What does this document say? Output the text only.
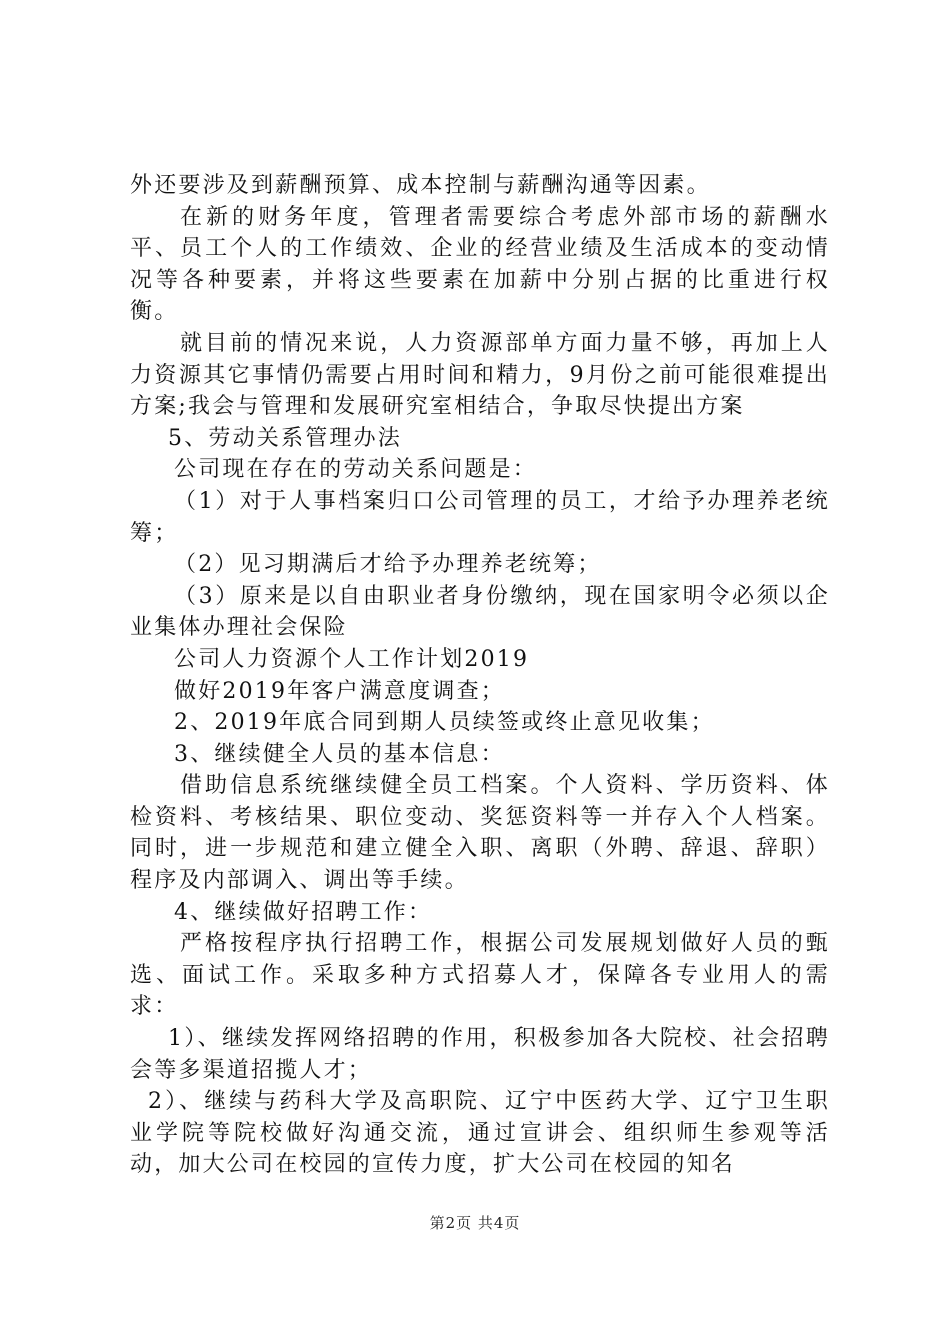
外还要涉及到薪酬预算、成本控制与薪酬沟通等因素。

在新的财务年度，管理者需要综合考虑外部市场的薪酬水平、员工个人的工作绩效、企业的经营业绩及生活成本的变动情况等各种要素，并将这些要素在加薪中分别占据的比重进行权衡。

就目前的情况来说，人力资源部单方面力量不够，再加上人力资源其它事情仍需要占用时间和精力，9月份之前可能很难提出方案;我会与管理和发展研究室相结合，争取尽快提出方案

5、劳动关系管理办法

公司现在存在的劳动关系问题是：

（1）对于人事档案归口公司管理的员工，才给予办理养老统筹；

（2）见习期满后才给予办理养老统筹；

（3）原来是以自由职业者身份缴纳，现在国家明令必须以企业集体办理社会保险

公司人力资源个人工作计划2019

做好2019年客户满意度调查；

2、2019年底合同到期人员续签或终止意见收集；

3、继续健全人员的基本信息：

借助信息系统继续健全员工档案。个人资料、学历资料、体检资料、考核结果、职位变动、奖惩资料等一并存入个人档案。同时，进一步规范和建立健全入职、离职（外聘、辞退、辞职）程序及内部调入、调出等手续。

4、继续做好招聘工作：

严格按程序执行招聘工作，根据公司发展规划做好人员的甄选、面试工作。采取多种方式招募人才，保障各专业用人的需求：

1）、继续发挥网络招聘的作用，积极参加各大院校、社会招聘会等多渠道招揽人才；

2）、继续与药科大学及高职院、辽宁中医药大学、辽宁卫生职业学院等院校做好沟通交流，通过宣讲会、组织师生参观等活动，加大公司在校园的宣传力度，扩大公司在校园的知名

第2页 共4页
